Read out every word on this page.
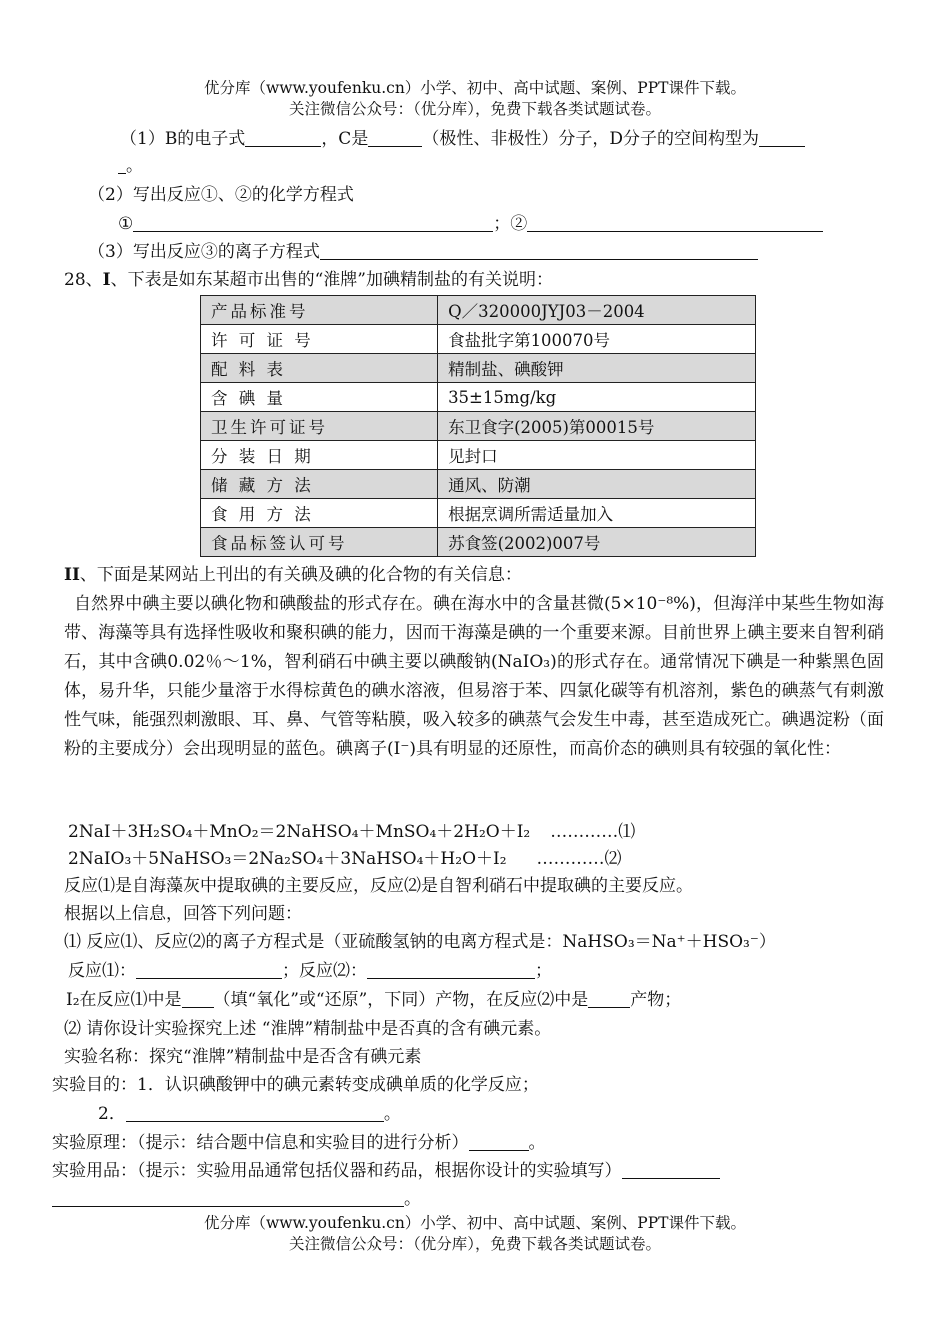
优分库（www.youfenku.cn）小学、初中、高中试题、案例、PPT课件下载。
关注微信公众号：（优分库），免费下载各类试题试卷。
（1）B的电子式	，C是	（极性、非极性）分子，D分子的空间构型为
。
（2）写出反应①、②的化学方程式
①	；②
（3）写出反应③的离子方程式
28、I、下表是如东某超市出售的“淮牌”加碘精制盐的有关说明：
产品标准号	Q／320000JYJ03－2004
许 可 证 号	食盐批字第100070号
配 料 表	精制盐、碘酸钾
含 碘 量	35±15mg/kg
卫生许可证号	东卫食字(2005)第00015号
分 装 日 期	见封口
储 藏 方 法	通风、防潮
食 用 方 法	根据烹调所需适量加入
食品标签认可号	苏食签(2002)007号
II、下面是某网站上刊出的有关碘及碘的化合物的有关信息：
自然界中碘主要以碘化物和碘酸盐的形式存在。碘在海水中的含量甚微(5×10⁻⁸%)，但海洋中某些生物如海带、海藻等具有选择性吸收和聚积碘的能力，因而干海藻是碘的一个重要来源。目前世界上碘主要来自智利硝石，其中含碘0.02％～1%，智利硝石中碘主要以碘酸钠(NaIO₃)的形式存在。通常情况下碘是一种紫黑色固体，易升华，只能少量溶于水得棕黄色的碘水溶液，但易溶于苯、四氯化碳等有机溶剂，紫色的碘蒸气有刺激性气味，能强烈刺激眼、耳、鼻、气管等粘膜，吸入较多的碘蒸气会发生中毒，甚至造成死亡。碘遇淀粉（面粉的主要成分）会出现明显的蓝色。碘离子(I⁻)具有明显的还原性，而高价态的碘则具有较强的氧化性：
2NaI＋3H₂SO₄＋MnO₂＝2NaHSO₄＋MnSO₄＋2H₂O＋I₂ …………⑴
2NaIO₃＋5NaHSO₃＝2Na₂SO₄＋3NaHSO₄＋H₂O＋I₂ …………⑵
反应⑴是自海藻灰中提取碘的主要反应，反应⑵是自智利硝石中提取碘的主要反应。
根据以上信息，回答下列问题：
⑴ 反应⑴、反应⑵的离子方程式是（亚硫酸氢钠的电离方程式是：NaHSO₃＝Na⁺＋HSO₃⁻）
反应⑴：	；反应⑵：	；
I₂在反应⑴中是 （填“氧化”或“还原”，下同）产物，在反应⑵中是 产物；
⑵ 请你设计实验探究上述 “淮牌”精制盐中是否真的含有碘元素。
实验名称：探究“淮牌”精制盐中是否含有碘元素
实验目的：1．认识碘酸钾中的碘元素转变成碘单质的化学反应；
2．	。
实验原理：（提示：结合题中信息和实验目的进行分析）	。
实验用品：（提示：实验用品通常包括仪器和药品，根据你设计的实验填写）
。
优分库（www.youfenku.cn）小学、初中、高中试题、案例、PPT课件下载。
关注微信公众号：（优分库），免费下载各类试题试卷。
